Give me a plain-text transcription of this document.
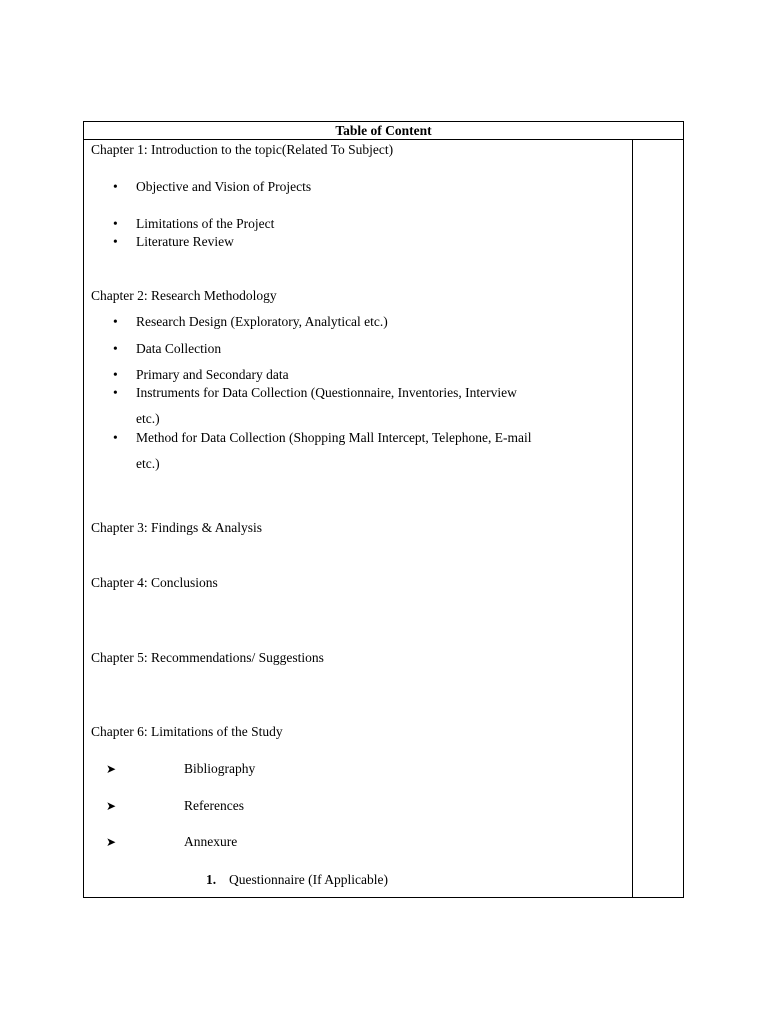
Table of Content
Chapter 1: Introduction to the topic(Related To Subject)
• Objective and Vision of Projects
• Limitations of the Project
• Literature Review
Chapter 2: Research Methodology
• Research Design (Exploratory, Analytical etc.)
• Data Collection
• Primary and Secondary data
• Instruments for Data Collection (Questionnaire, Inventories, Interview
etc.)
• Method for Data Collection (Shopping Mall Intercept, Telephone, E-mail
etc.)
Chapter 3: Findings & Analysis
Chapter 4: Conclusions
Chapter 5: Recommendations/ Suggestions
Chapter 6: Limitations of the Study
➤	Bibliography
➤	References
➤	Annexure
1. Questionnaire (If Applicable)
